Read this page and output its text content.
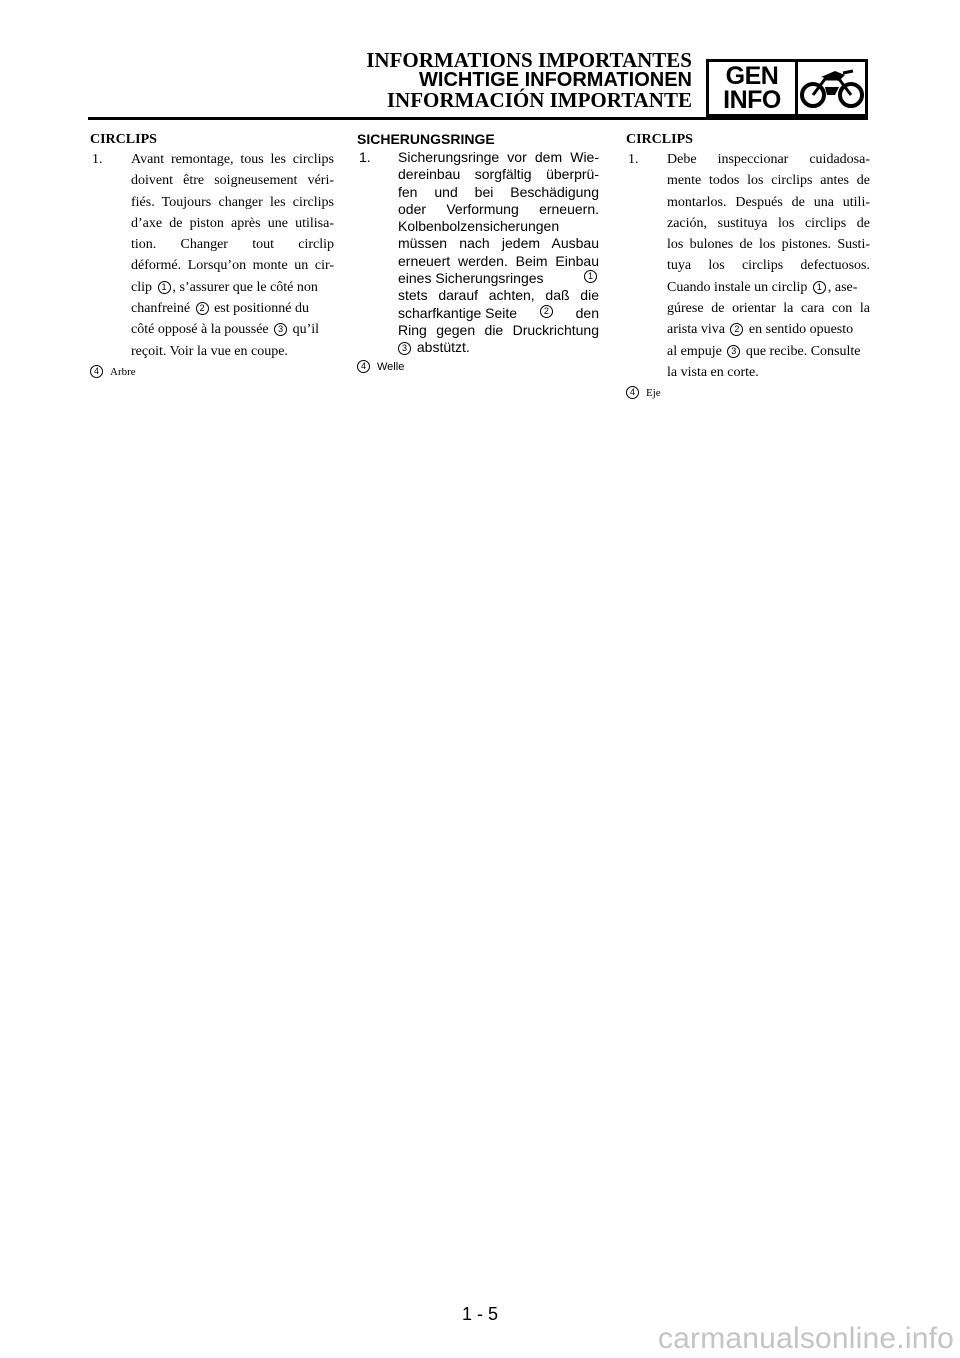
INFORMATIONS IMPORTANTES
WICHTIGE INFORMATIONEN
INFORMACIÓN IMPORTANTE
GEN
INFO
CIRCLIPS
1. Avant remontage, tous les circlips
doivent être soigneusement véri-
fiés. Toujours changer les circlips
d’axe de piston après une utilisa-
tion. Changer tout circlip
déformé. Lorsqu’on monte un cir-
clip 1 , s’assurer que le côté non
chanfreiné 2 est positionné du
côté opposé à la poussée 3 qu’il
reçoit. Voir la vue en coupe.
4 Arbre
SICHERUNGSRINGE
1. Sicherungsringe vor dem Wie-
dereinbau sorgfältig überprü-
fen und bei Beschädigung
oder Verformung erneuern.
Kolbenbolzensicherungen
müssen nach jedem Ausbau
erneuert werden. Beim Einbau
eines Sicherungsringes	1
stets darauf achten, daß die
scharfkantige Seite	2 den
Ring gegen die Druckrichtung
3 abstützt.
4 Welle
CIRCLIPS
1. Debe inspeccionar cuidadosa-
mente todos los circlips antes de
montarlos. Después de una utili-
zación, sustituya los circlips de
los bulones de los pistones. Susti-
tuya los circlips defectuosos.
Cuando instale un circlip 1 , ase-
gúrese de orientar la cara con la
arista viva 2 en sentido opuesto
al empuje 3 que recibe. Consulte
la vista en corte.
4 Eje
1 - 5
carmanualsonline.info
